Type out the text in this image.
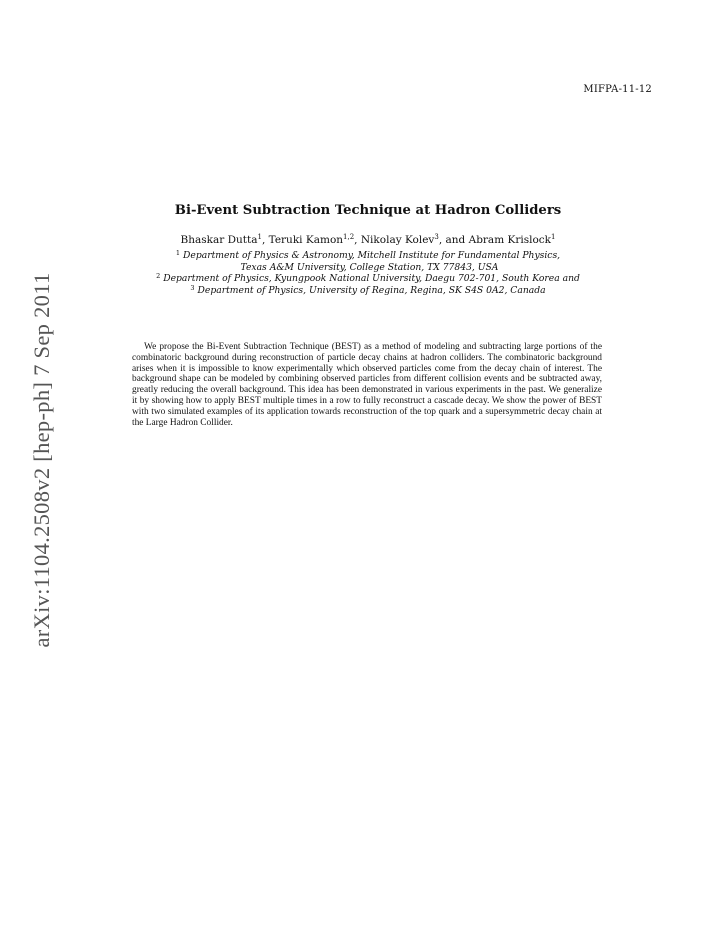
MIFPA-11-12
arXiv:1104.2508v2 [hep-ph] 7 Sep 2011
Bi-Event Subtraction Technique at Hadron Colliders
Bhaskar Dutta$^1$, Teruki Kamon$^{1,2}$, Nikolay Kolev$^3$, and Abram Krislock$^1$
$^1$ Department of Physics & Astronomy, Mitchell Institute for Fundamental Physics,
Texas A&M University, College Station, TX 77843, USA
$^2$ Department of Physics, Kyungpook National University, Daegu 702-701, South Korea and
$^3$ Department of Physics, University of Regina, Regina, SK S4S 0A2, Canada

We propose the Bi-Event Subtraction Technique (BEST) as a method of modeling and subtracting large portions of the combinatoric background during reconstruction of particle decay chains at hadron colliders. The combinatoric background arises when it is impossible to know experimentally which observed particles come from the decay chain of interest. The background shape can be modeled by combining observed particles from different collision events and be subtracted away, greatly reducing the overall background. This idea has been demonstrated in various experiments in the past. We generalize it by showing how to apply BEST multiple times in a row to fully reconstruct a cascade decay. We show the power of BEST with two simulated examples of its application towards reconstruction of the top quark and a supersymmetric decay chain at the Large Hadron Collider.
